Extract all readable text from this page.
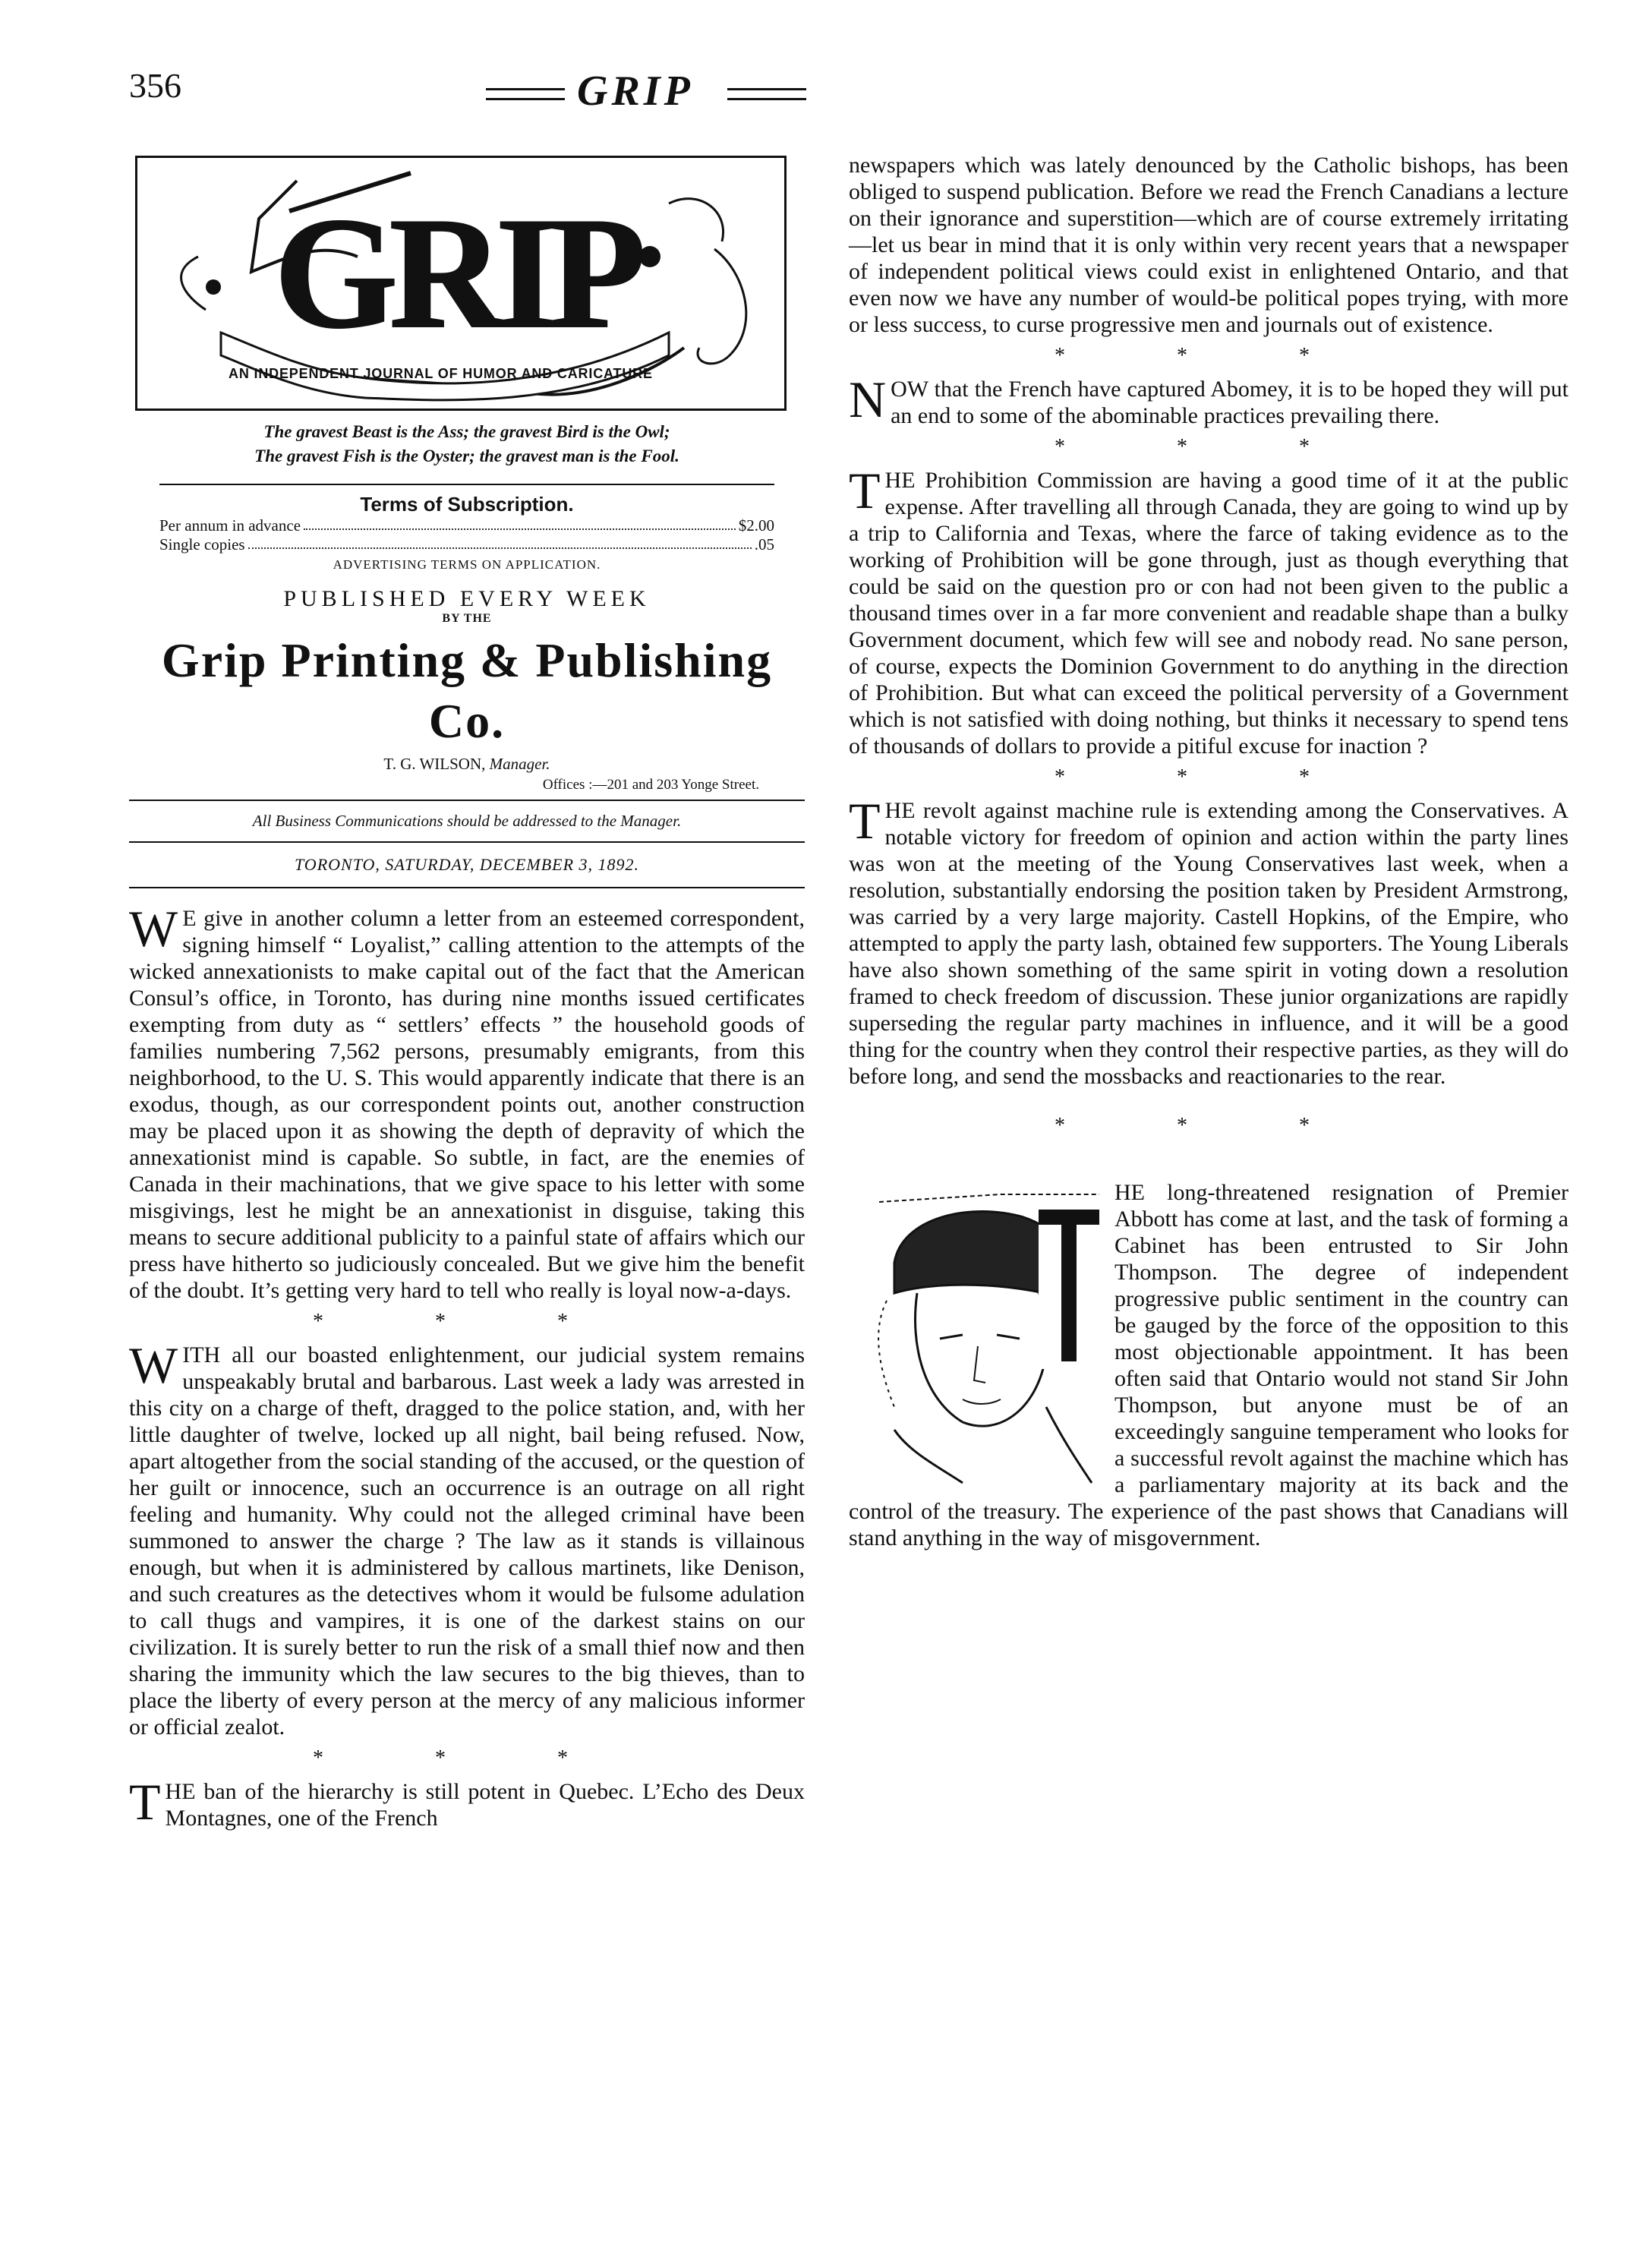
356	GRIP
GRIP
AN INDEPENDENT JOURNAL OF HUMOR AND CARICATURE
The gravest Beast is the Ass; the gravest Bird is the Owl;
The gravest Fish is the Oyster; the gravest man is the Fool.
Terms of Subscription.
Per annum in advance	$2.00
Single copies	.05
ADVERTISING TERMS ON APPLICATION.
PUBLISHED EVERY WEEK
BY THE
Grip Printing & Publishing Co.
T. G. WILSON, Manager.
Offices :—201 and 203 Yonge Street.
All Business Communications should be addressed to the Manager.
TORONTO, SATURDAY, DECEMBER 3, 1892.

W E give in another column a letter from an esteemed correspondent, signing himself “ Loyalist,” calling attention to the attempts of the wicked annexationists to make capital out of the fact that the American Consul’s office, in Toronto, has during nine months issued certificates exempting from duty as “ settlers’ effects ” the household goods of families numbering 7,562 persons, presumably emigrants, from this neighborhood, to the U. S. This would apparently indicate that there is an exodus, though, as our correspondent points out, another construction may be placed upon it as showing the depth of depravity of which the annexationist mind is capable. So subtle, in fact, are the enemies of Canada in their machinations, that we give space to his letter with some misgivings, lest he might be an annexationist in disguise, taking this means to secure additional publicity to a painful state of affairs which our press have hitherto so judiciously concealed. But we give him the benefit of the doubt. It’s getting very hard to tell who really is loyal now-a-days.

* * *

WITH all our boasted enlightenment, our judicial system remains unspeakably brutal and barbarous. Last week a lady was arrested in this city on a charge of theft, dragged to the police station, and, with her little daughter of twelve, locked up all night, bail being refused. Now, apart altogether from the social standing of the accused, or the question of her guilt or innocence, such an occurrence is an outrage on all right feeling and humanity. Why could not the alleged criminal have been summoned to answer the charge ? The law as it stands is villainous enough, but when it is administered by callous martinets, like Denison, and such creatures as the detectives whom it would be fulsome adulation to call thugs and vampires, it is one of the darkest stains on our civilization. It is surely better to run the risk of a small thief now and then sharing the immunity which the law secures to the big thieves, than to place the liberty of every person at the mercy of any malicious informer or official zealot.

* * *

THE ban of the hierarchy is still potent in Quebec. L’Echo des Deux Montagnes, one of the French

newspapers which was lately denounced by the Catholic bishops, has been obliged to suspend publication. Before we read the French Canadians a lecture on their ignorance and superstition—which are of course extremely irritating—let us bear in mind that it is only within very recent years that a newspaper of independent political views could exist in enlightened Ontario, and that even now we have any number of would-be political popes trying, with more or less success, to curse progressive men and journals out of existence.

* * *

NOW that the French have captured Abomey, it is to be hoped they will put an end to some of the abominable practices prevailing there.

* * *

THE Prohibition Commission are having a good time of it at the public expense. After travelling all through Canada, they are going to wind up by a trip to California and Texas, where the farce of taking evidence as to the working of Prohibition will be gone through, just as though everything that could be said on the question pro or con had not been given to the public a thousand times over in a far more convenient and readable shape than a bulky Government document, which few will see and nobody read. No sane person, of course, expects the Dominion Government to do anything in the direction of Prohibition. But what can exceed the political perversity of a Government which is not satisfied with doing nothing, but thinks it necessary to spend tens of thousands of dollars to provide a pitiful excuse for inaction ?

* * *

THE revolt against machine rule is extending among the Conservatives. A notable victory for freedom of opinion and action within the party lines was won at the meeting of the Young Conservatives last week, when a resolution, substantially endorsing the position taken by President Armstrong, was carried by a very large majority. Castell Hopkins, of the Empire, who attempted to apply the party lash, obtained few supporters. The Young Liberals have also shown something of the same spirit in voting down a resolution framed to check freedom of discussion. These junior organizations are rapidly superseding the regular party machines in influence, and it will be a good thing for the country when they control their respective parties, as they will do before long, and send the mossbacks and reactionaries to the rear.

* * *

HE long-threatened resignation of Premier Abbott has come at last, and the task of forming a Cabinet has been entrusted to Sir John Thompson. The degree of independent progressive public sentiment in the country can be gauged by the force of the opposition to this most objectionable appointment. It has been often said that Ontario would not stand Sir John Thompson, but anyone must be of an exceedingly sanguine temperament who looks for a successful revolt against the machine which has a parliamentary majority at its back and the control of the treasury. The experience of the past shows that Canadians will stand anything in the way of misgovernment.
